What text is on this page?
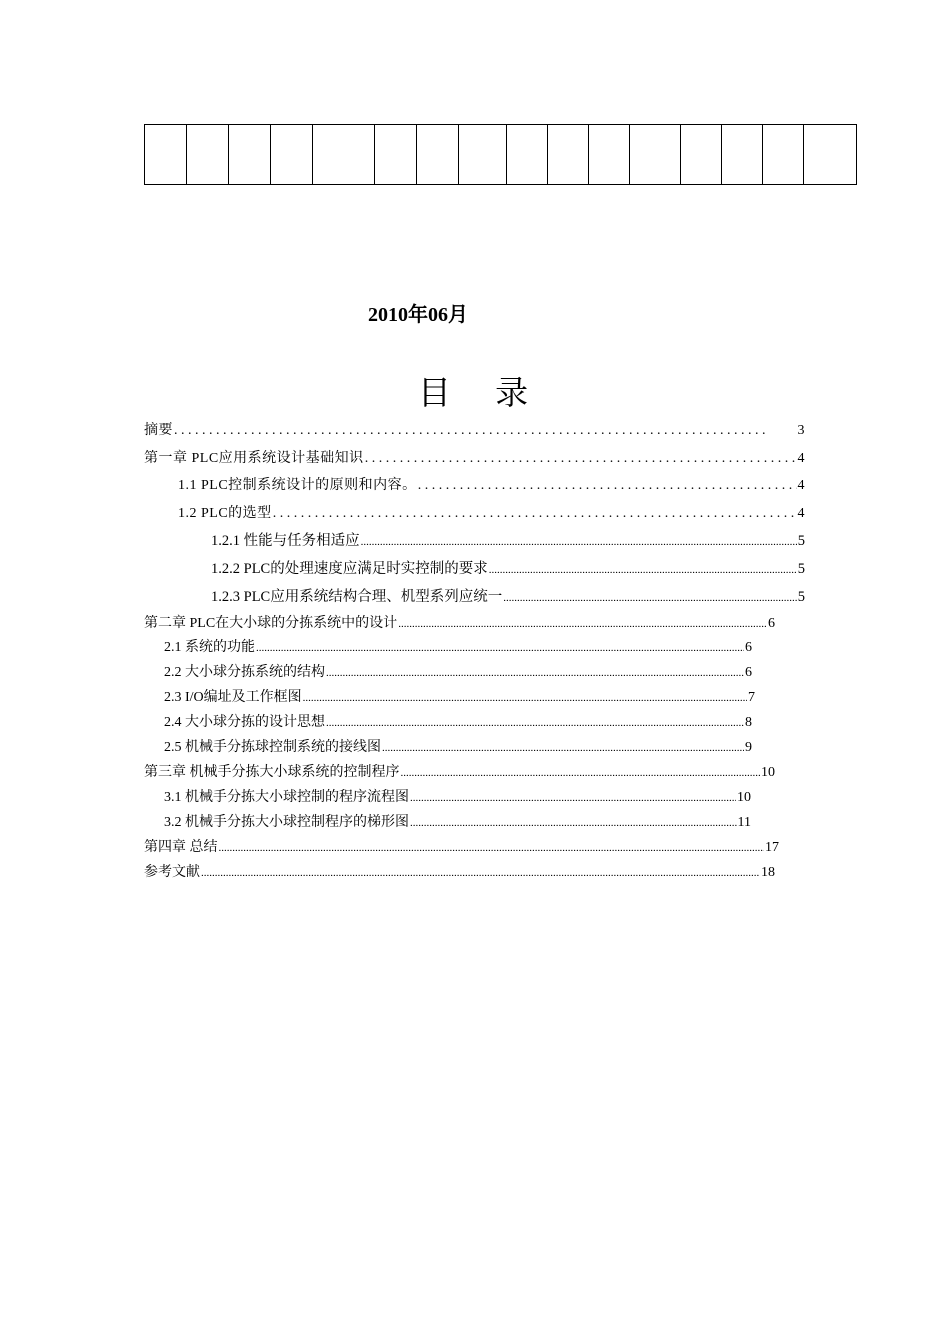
2010年06月
目 录
摘要 . . .	3
第一章 PLC应用系统设计基础知识 . . .	4
1.1 PLC控制系统设计的原则和内容。 . . .	4
1.2 PLC的选型 . . .	4
1.2.1 性能与任务相适应 .....	5
1.2.2 PLC的处理速度应满足时实控制的要求 .....	5
1.2.3 PLC应用系统结构合理、机型系列应统一 .....	5
第二章 PLC在大小球的分拣系统中的设计 .....	6
2.1 系统的功能 .....	6
2.2 大小球分拣系统的结构 .....	6
2.3 I/O编址及工作框图 .....	7
2.4 大小球分拣的设计思想 .....	8
2.5 机械手分拣球控制系统的接线图 .....	9
第三章 机械手分拣大小球系统的控制程序 .....	10
3.1 机械手分拣大小球控制的程序流程图 .....	10
3.2 机械手分拣大小球控制程序的梯形图 .....	11
第四章 总结 .....	17
参考文献 .....	18
